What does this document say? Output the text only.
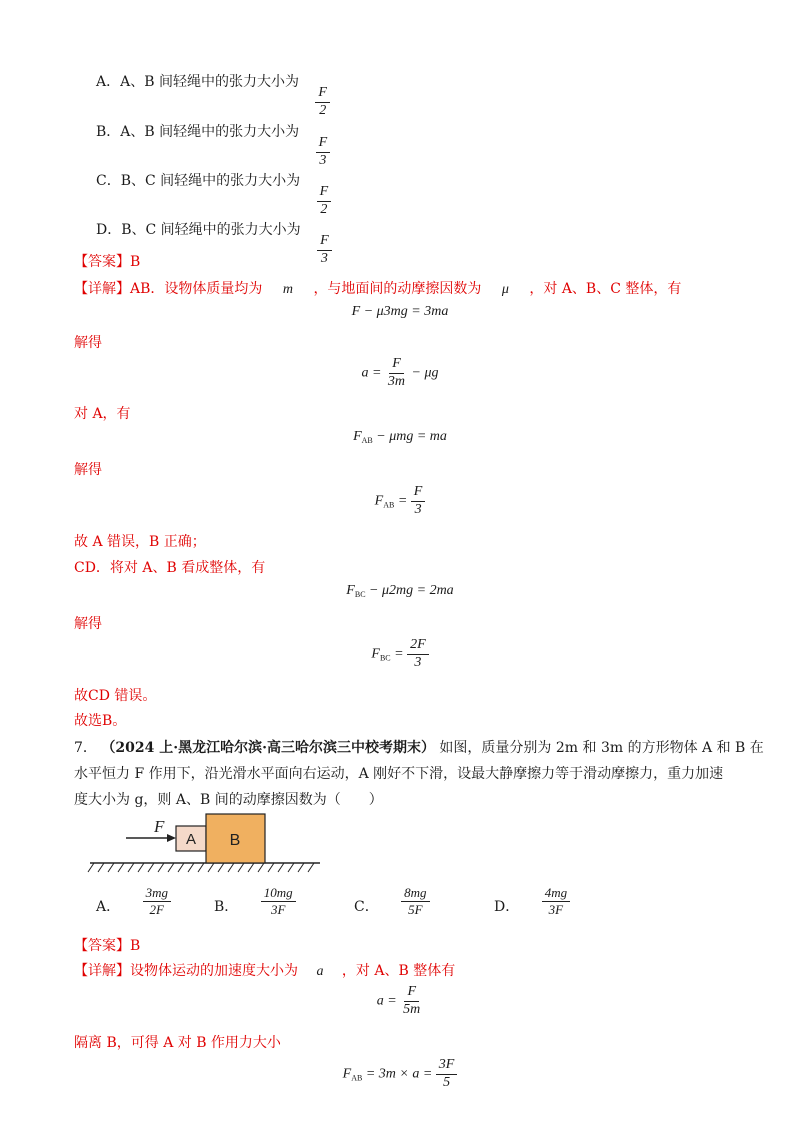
A．A、B 间轻绳中的张力大小为
$\frac{F}{2}$
B．A、B 间轻绳中的张力大小为
$\frac{F}{3}$
C．B、C 间轻绳中的张力大小为
$\frac{F}{2}$
D．B、C 间轻绳中的张力大小为
$\frac{F}{3}$
【答案】B
【详解】AB．设物体质量均为 m ，与地面间的动摩擦因数为 μ ，对 A、B、C 整体，有
F − μ3mg = 3ma
解得
$a = \frac{F}{3m} - \mu g$
对 A，有
$F_{AB} - \mu mg$ = ma
解得
$F_{AB} = \frac{F}{3}$
故 A 错误，B 正确；
CD．将对 A、B 看成整体，有
$F_{BC} - \mu 2mg = 2ma$
解得
$F_{BC} = \frac{2F}{3}$
故CD 错误。
故选B。
7． （2024 上·黑龙江哈尔滨·高三哈尔滨三中校考期末） 如图，质量分别为 2m 和 3m 的方形物体 A 和 B 在
水平恒力 F 作用下，沿光滑水平面向右运动，A 刚好不下滑，设最大静摩擦力等于滑动摩擦力，重力加速
度大小为 g，则 A、B 间的动摩擦因数为（　　）
A B
F
A． $\frac{3mg}{2F}$	B． $\frac{10mg}{3F}$	C． $\frac{8mg}{5F}$	D． $\frac{4mg}{3F}$
【答案】B
【详解】设物体运动的加速度大小为 a ，对 A、B 整体有
$a = \frac{F}{5m}$
隔离 B，可得 A 对 B 作用力大小
$F_{AB} = 3m \times a = \frac{3F}{5}$
